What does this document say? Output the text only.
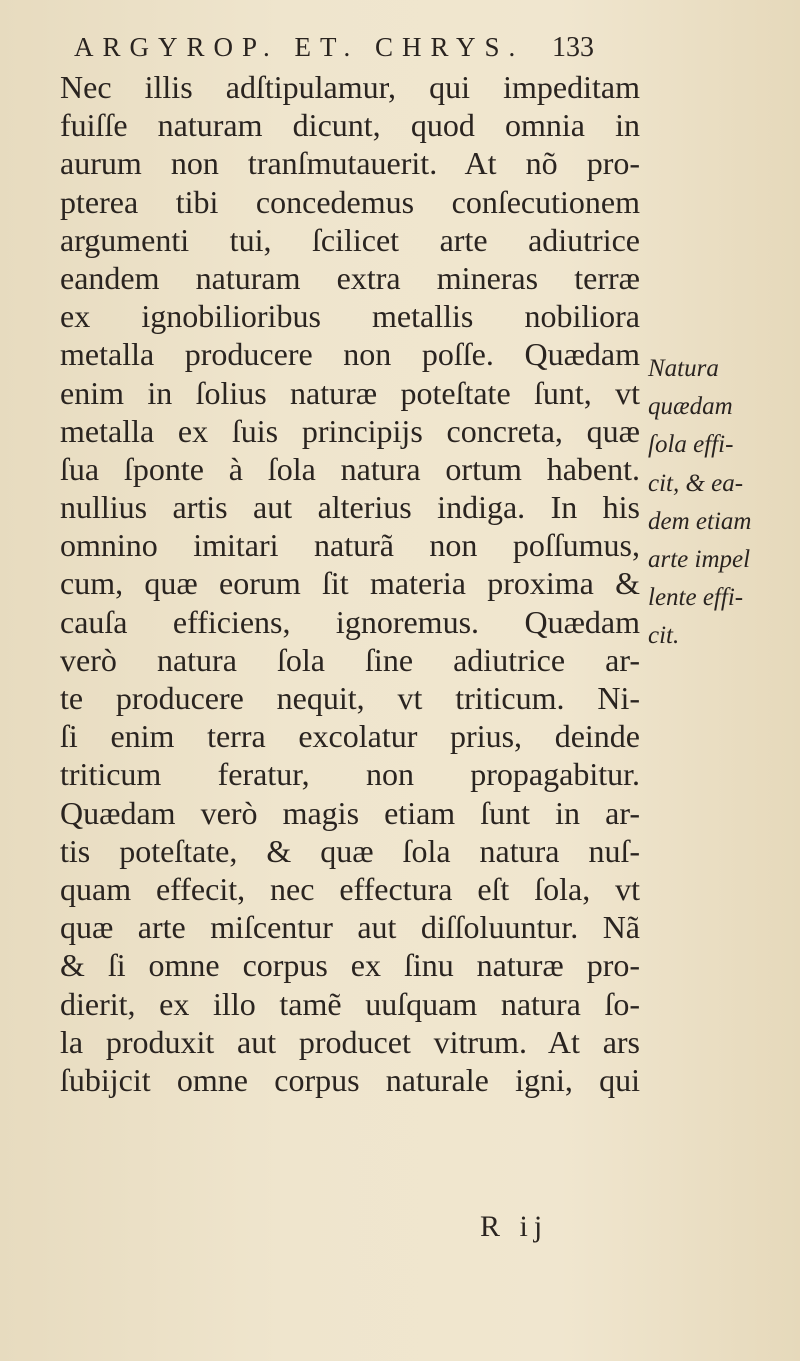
ARGYROP. ET. CHRYS. 133
Nec illis adſtipulamur, qui impeditam
fuiſſe naturam dicunt, quod omnia in
aurum non tranſmutauerit. At nõ pro-
pterea tibi concedemus conſecutionem
argumenti tui, ſcilicet arte adiutrice
eandem naturam extra mineras terræ
ex ignobilioribus metallis nobiliora
metalla producere non poſſe. Quædam
enim in ſolius naturæ poteſtate ſunt, vt
metalla ex ſuis principijs concreta, quæ
ſua ſponte à ſola natura ortum habent.
nullius artis aut alterius indiga. In his
omnino imitari naturã non poſſumus,
cum, quæ eorum ſit materia proxima &
cauſa efficiens, ignoremus. Quædam
verò natura ſola ſine adiutrice ar-
te producere nequit, vt triticum. Ni-
ſi enim terra excolatur prius, deinde
triticum feratur, non propagabitur.
Quædam verò magis etiam ſunt in ar-
tis poteſtate, & quæ ſola natura nuſ-
quam effecit, nec effectura eſt ſola, vt
quæ arte miſcentur aut diſſoluuntur. Nã
& ſi omne corpus ex ſinu naturæ pro-
dierit, ex illo tamẽ uuſquam natura ſo-
la produxit aut producet vitrum. At ars
ſubijcit omne corpus naturale igni, qui
Natura
quædam
ſola effi-
cit, & ea-
dem etiam
arte impel
lente effi-
cit.
R ij
